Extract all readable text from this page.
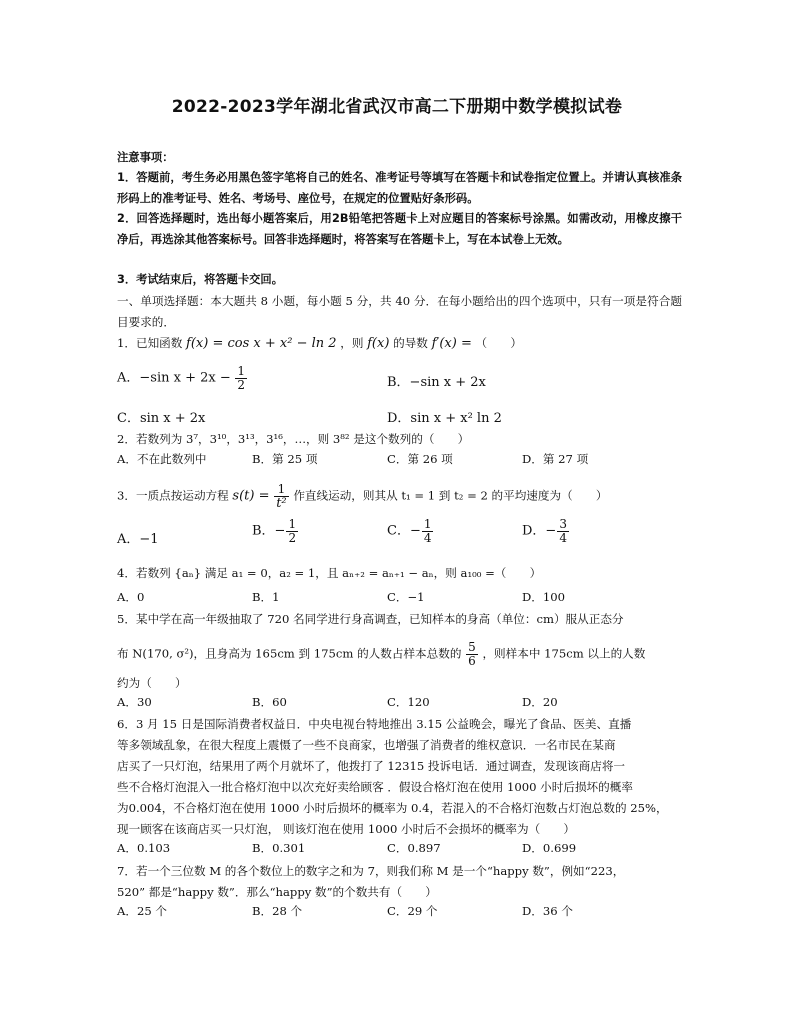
2022-2023学年湖北省武汉市高二下册期中数学模拟试卷
注意事项：
1．答题前，考生务必用黑色签字笔将自己的姓名、准考证号等填写在答题卡和试卷指定位置上。并请认真核准条形码上的准考证号、姓名、考场号、座位号，在规定的位置贴好条形码。
2．回答选择题时，选出每小题答案后，用2B铅笔把答题卡上对应题目的答案标号涂黑。如需改动，用橡皮擦干净后，再选涂其他答案标号。回答非选择题时，将答案写在答题卡上，写在本试卷上无效。
3．考试结束后，将答题卡交回。
一、单项选择题：本大题共 8 小题，每小题 5 分，共 40 分．在每小题给出的四个选项中，只有一项是符合题目要求的．
1．已知函数 f(x) = cos x + x² − ln 2 ，则 f(x) 的导数 f′(x) = （　　）
A．−sin $x + 2x - \frac{1}{2}$	B．−sin x + 2x
C．sin x + 2x	D．sin x + x² ln 2
2．若数列为 3⁷，3¹⁰，3¹³，3¹⁶，…，则 3⁸² 是这个数列的（　　）
A．不在此数列中	B．第 25 项	C．第 26 项	D．第 27 项
3．一质点按运动方程 $s(t) = \frac{1}{\text{t²}}$ 作直线运动，则其从 t₁ = 1 到 t₂ = 2 的平均速度为（　　）
A．−1
B．− $\frac{1}{2}$	C．− $\frac{1}{4}$	D．− $\frac{3}{4}$
4．若数列 {aₙ} 满足 a₁ = 0，a₂ = 1，且 aₙ₊₂ = aₙ₊₁ − aₙ，则 a₁₀₀ =（　　）
A．0	B．1	C．−1	D．100
5．某中学在高一年级抽取了 720 名同学进行身高调查，已知样本的身高（单位：cm）服从正态分
布 N(170, σ²)，且身高为 165cm 到 175cm 的人数占样本总数的 $\frac{5}{6}$ ，则样本中 175cm 以上的人数
约为（　　）
A．30	B．60	C．120	D．20
6．3 月 15 日是国际消费者权益日．中央电视台特地推出 3.15 公益晚会，曝光了食品、医美、直播
等多领域乱象，在很大程度上震慑了一些不良商家，也增强了消费者的维权意识．一名市民在某商
店买了一只灯泡，结果用了两个月就坏了，他拨打了 12315 投诉电话．通过调查，发现该商店将一
些不合格灯泡混入一批合格灯泡中以次充好卖给顾客 ．假设合格灯泡在使用 1000 小时后损坏的概率
为0.004，不合格灯泡在使用 1000 小时后损坏的概率为 0.4，若混入的不合格灯泡数占灯泡总数的 25%，
现一顾客在该商店买一只灯泡， 则该灯泡在使用 1000 小时后不会损坏的概率为（　　）
A．0.103	B．0.301	C．0.897	D．0.699
7．若一个三位数 M 的各个数位上的数字之和为 7，则我们称 M 是一个“happy 数”，例如“223，
520” 都是“happy 数”．那么“happy 数”的个数共有（　　）
A．25 个	B．28 个	C．29 个	D．36 个
